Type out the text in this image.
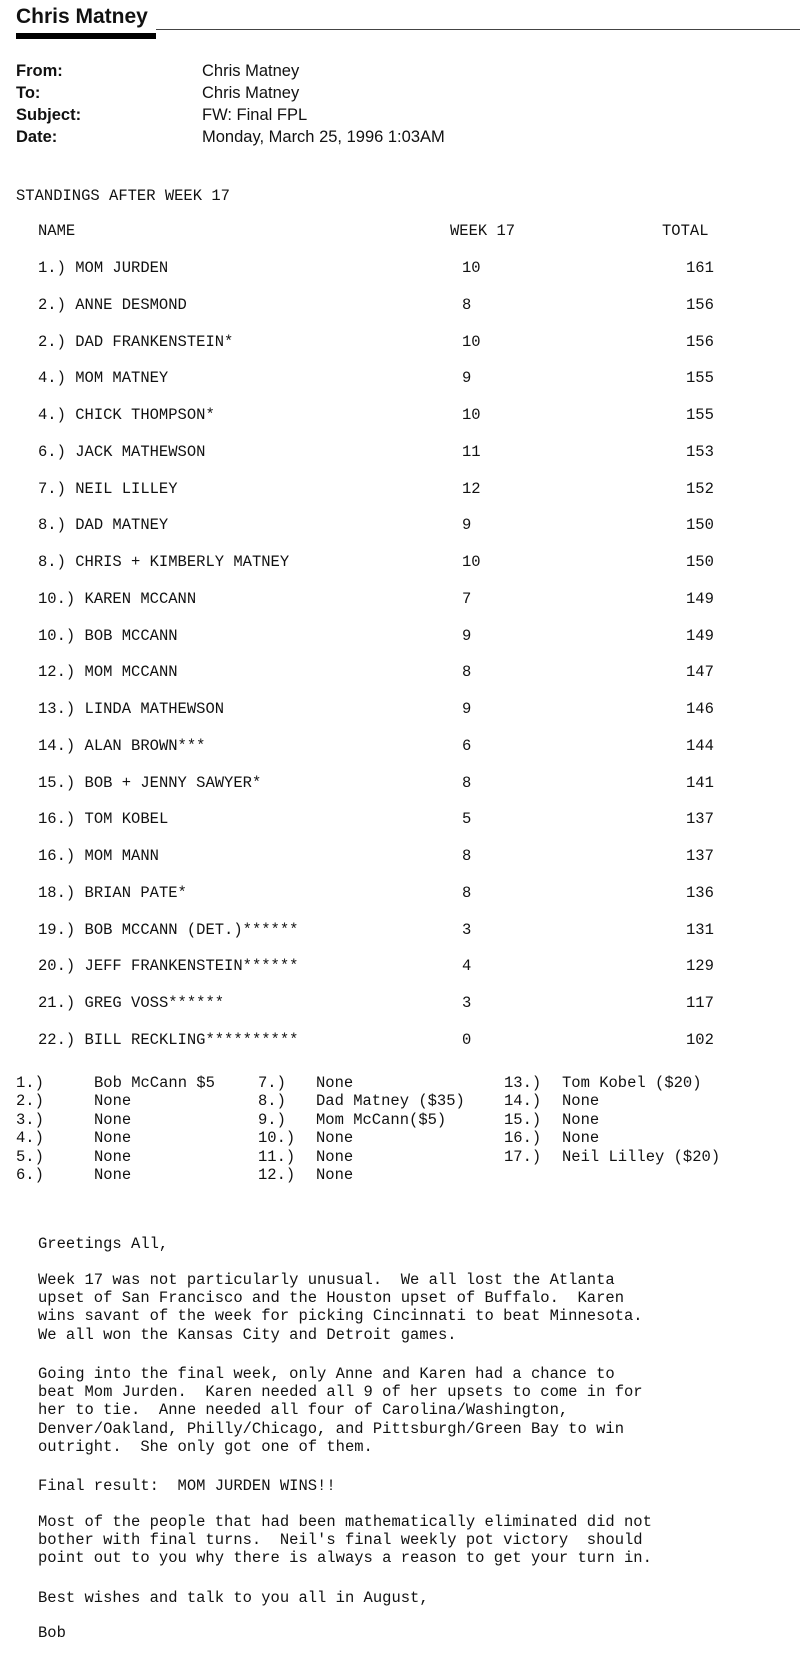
Chris Matney
From:	Chris Matney
To:	Chris Matney
Subject:	FW: Final FPL
Date:	Monday, March 25, 1996 1:03AM
STANDINGS AFTER WEEK 17
NAME	WEEK 17	TOTAL
1.) MOM JURDEN	10	161
2.) ANNE DESMOND	8	156
2.) DAD FRANKENSTEIN*	10	156
4.) MOM MATNEY	9	155
4.) CHICK THOMPSON*	10	155
6.) JACK MATHEWSON	11	153
7.) NEIL LILLEY	12	152
8.) DAD MATNEY	9	150
8.) CHRIS + KIMBERLY MATNEY	10	150
10.) KAREN MCCANN	7	149
10.) BOB MCCANN	9	149
12.) MOM MCCANN	8	147
13.) LINDA MATHEWSON	9	146
14.) ALAN BROWN***	6	144
15.) BOB + JENNY SAWYER*	8	141
16.) TOM KOBEL	5	137
16.) MOM MANN	8	137
18.) BRIAN PATE*	8	136
19.) BOB MCCANN (DET.)******	3	131
20.) JEFF FRANKENSTEIN******	4	129
21.) GREG VOSS******	3	117
22.) BILL RECKLING**********	0	102
1.)	Bob McCann $5
2.)	None
3.)	None
4.)	None
5.)	None
6.)	None
7.) None
8.) Dad Matney ($35)
9.) Mom McCann($5)
10.) None
11.) None
12.) None
13.) Tom Kobel ($20)
14.) None
15.) None
16.) None
17.) Neil Lilley ($20)
Greetings All,
Week 17 was not particularly unusual.  We all lost the Atlanta
upset of San Francisco and the Houston upset of Buffalo.  Karen
wins savant of the week for picking Cincinnati to beat Minnesota.
We all won the Kansas City and Detroit games.
Going into the final week, only Anne and Karen had a chance to
beat Mom Jurden.  Karen needed all 9 of her upsets to come in for
her to tie.  Anne needed all four of Carolina/Washington,
Denver/Oakland, Philly/Chicago, and Pittsburgh/Green Bay to win
outright.  She only got one of them.
Final result:  MOM JURDEN WINS!!
Most of the people that had been mathematically eliminated did not
bother with final turns.  Neil's final weekly pot victory  should
point out to you why there is always a reason to get your turn in.
Best wishes and talk to you all in August,
Bob
